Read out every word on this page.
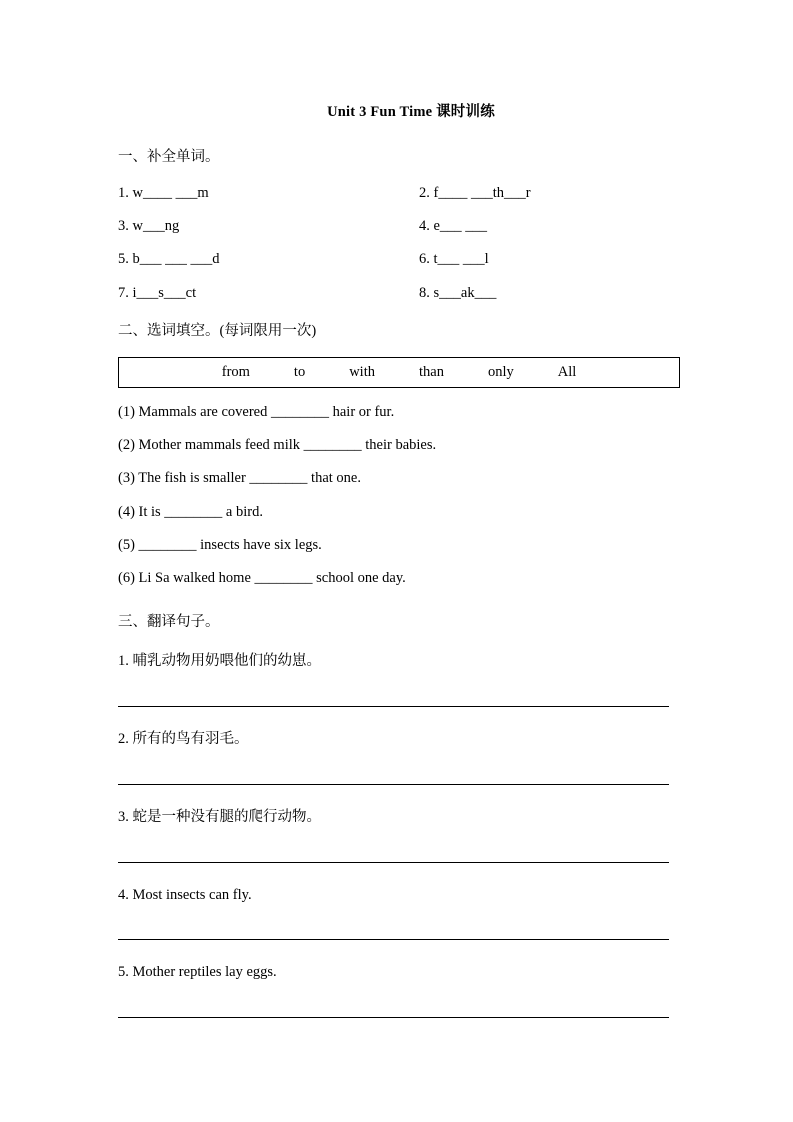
Unit 3 Fun Time 课时训练
一、补全单词。
1. w____ ___m	2. f____ ___th___r
3. w___ng	4. e___ ___
5. b___ ___ ___d	6. t___ ___l
7. i___s___ct	8. s___ak___
二、选词填空。(每词限用一次)
from	to	with	than	only	All
(1) Mammals are covered ________ hair or fur.
(2) Mother mammals feed milk ________ their babies.
(3) The fish is smaller ________ that one.
(4) It is ________ a bird.
(5) ________ insects have six legs.
(6) Li Sa walked home ________ school one day.
三、翻译句子。
1. 哺乳动物用奶喂他们的幼崽。
2. 所有的鸟有羽毛。
3. 蛇是一种没有腿的爬行动物。
4. Most insects can fly.
5. Mother reptiles lay eggs.
